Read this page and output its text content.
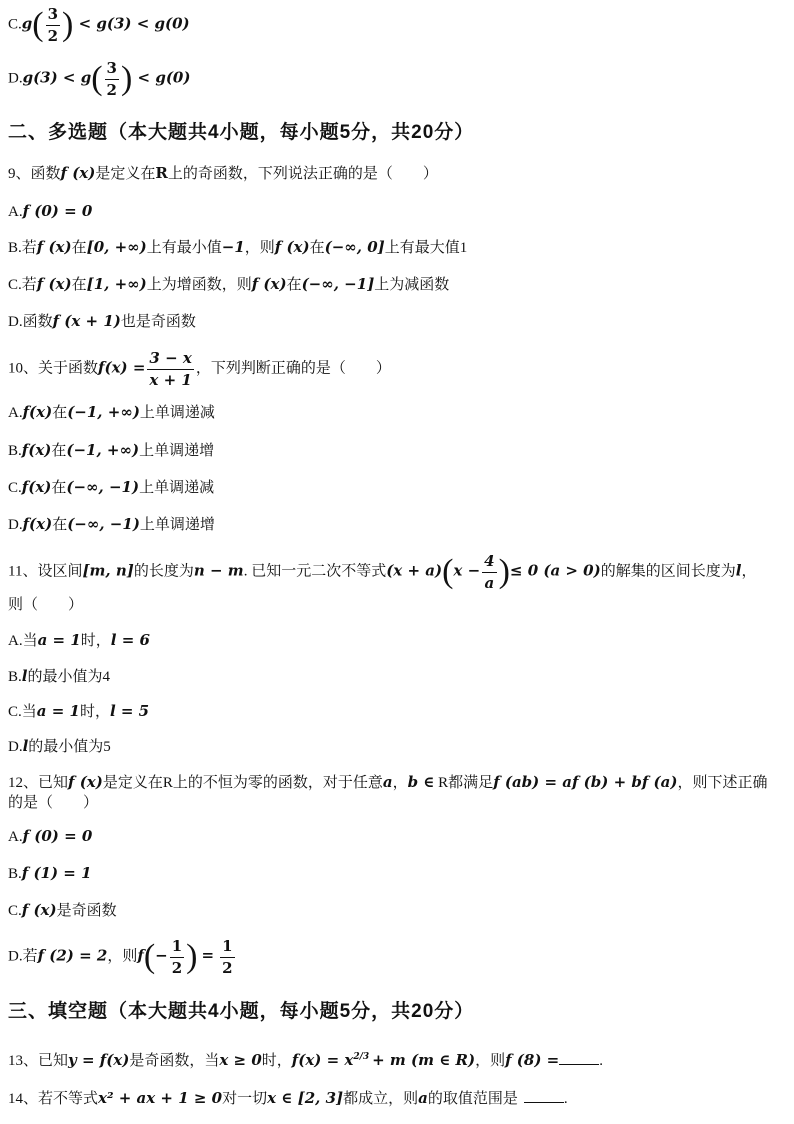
$C.g( \frac{3}{2}$ ) < g(3) < g(0)
$D.g(3) < g( \frac{3}{2}$ ) < g(0)
二、多选题（本大题共4小题，每小题5分，共20分）
9、函数f (x)是定义在R上的奇函数，下列说法正确的是（　　）
A.f (0) = 0
B.若f (x)在[0, +∞)上有最小值−1，则f (x)在(−∞, 0]上有最大值1
C.若f (x)在[1, +∞)上为增函数，则f (x)在(−∞, −1]上为减函数
D.函数f (x + 1)也是奇函数
10、关于函数$f(x) = \frac{3 - x}{x + 1}$ ，下列判断正确的是（　　）
A.f(x)在(−1, +∞)上单调递减
B.f(x)在(−1, +∞)上单调递增
C.f(x)在(−∞, −1)上单调递减
D.f(x)在(−∞, −1)上单调递增
11、设区间[m, n]的长度为n − m. 已知一元二次不等式$(x + a)(x - \frac{4}{a}$ )≤ 0 (a > 0)的解集的区间长度为l，
则（　　）
A.当a = 1时，l = 6
B.l的最小值为4
C.当a = 1时，l = 5
D.l的最小值为5
12、已知f (x)是定义在R上的不恒为零的函数，对于任意a，b ∈ R都满足f (ab) = af (b) + bf (a)，则下述正确
的是（　　）
A.f (0) = 0
B.f (1) = 1
C.f (x)是奇函数
D.若f (2) = 2，则$f(- \frac{1}{2}$ ) = $\frac{1}{2}$
三、填空题（本大题共4小题，每小题5分，共20分）
13、已知y = f(x)是奇函数，当x ≥ 0时，$f(x) = x^{2/3} + m$ (m ∈ R)，则f (8) =	.
14、若不等式x² + ax + 1 ≥ 0对一切x ∈ [2, 3]都成立，则a的取值范围是	.
